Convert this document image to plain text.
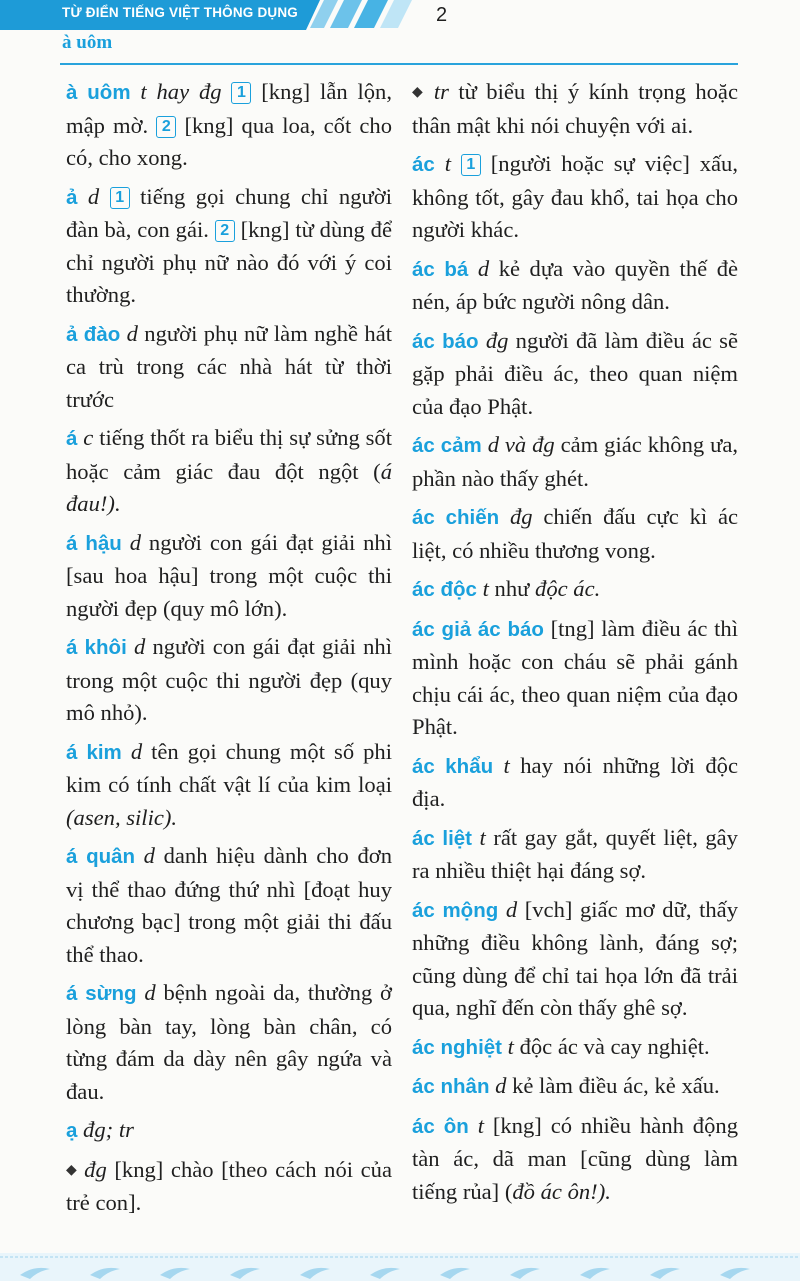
TỪ ĐIỂN TIẾNG VIỆT THÔNG DỤNG	2
à uôm
à uôm t hay đg 1 [kng] lẫn lộn, mập mờ. 2 [kng] qua loa, cốt cho có, cho xong.
ả d 1 tiếng gọi chung chỉ người đàn bà, con gái. 2 [kng] từ dùng để chỉ người phụ nữ nào đó với ý coi thường.
ả đào d người phụ nữ làm nghề hát ca trù trong các nhà hát từ thời trước
á c tiếng thốt ra biểu thị sự sửng sốt hoặc cảm giác đau đột ngột (á đau!).
á hậu d người con gái đạt giải nhì [sau hoa hậu] trong một cuộc thi người đẹp (quy mô lớn).
á khôi d người con gái đạt giải nhì trong một cuộc thi người đẹp (quy mô nhỏ).
á kim d tên gọi chung một số phi kim có tính chất vật lí của kim loại (asen, silic).
á quân d danh hiệu dành cho đơn vị thể thao đứng thứ nhì [đoạt huy chương bạc] trong một giải thi đấu thể thao.
á sừng d bệnh ngoài da, thường ở lòng bàn tay, lòng bàn chân, có từng đám da dày nên gây ngứa và đau.
ạ đg; tr
◆ đg [kng] chào [theo cách nói của trẻ con].
◆ tr từ biểu thị ý kính trọng hoặc thân mật khi nói chuyện với ai.
ác t 1 [người hoặc sự việc] xấu, không tốt, gây đau khổ, tai họa cho người khác.
ác bá d kẻ dựa vào quyền thế đè nén, áp bức người nông dân.
ác báo đg người đã làm điều ác sẽ gặp phải điều ác, theo quan niệm của đạo Phật.
ác cảm d và đg cảm giác không ưa, phần nào thấy ghét.
ác chiến đg chiến đấu cực kì ác liệt, có nhiều thương vong.
ác độc t như độc ác.
ác giả ác báo [tng] làm điều ác thì mình hoặc con cháu sẽ phải gánh chịu cái ác, theo quan niệm của đạo Phật.
ác khẩu t hay nói những lời độc địa.
ác liệt t rất gay gắt, quyết liệt, gây ra nhiều thiệt hại đáng sợ.
ác mộng d [vch] giấc mơ dữ, thấy những điều không lành, đáng sợ; cũng dùng để chỉ tai họa lớn đã trải qua, nghĩ đến còn thấy ghê sợ.
ác nghiệt t độc ác và cay nghiệt.
ác nhân d kẻ làm điều ác, kẻ xấu.
ác ôn t [kng] có nhiều hành động tàn ác, dã man [cũng dùng làm tiếng rủa] (đồ ác ôn!).
